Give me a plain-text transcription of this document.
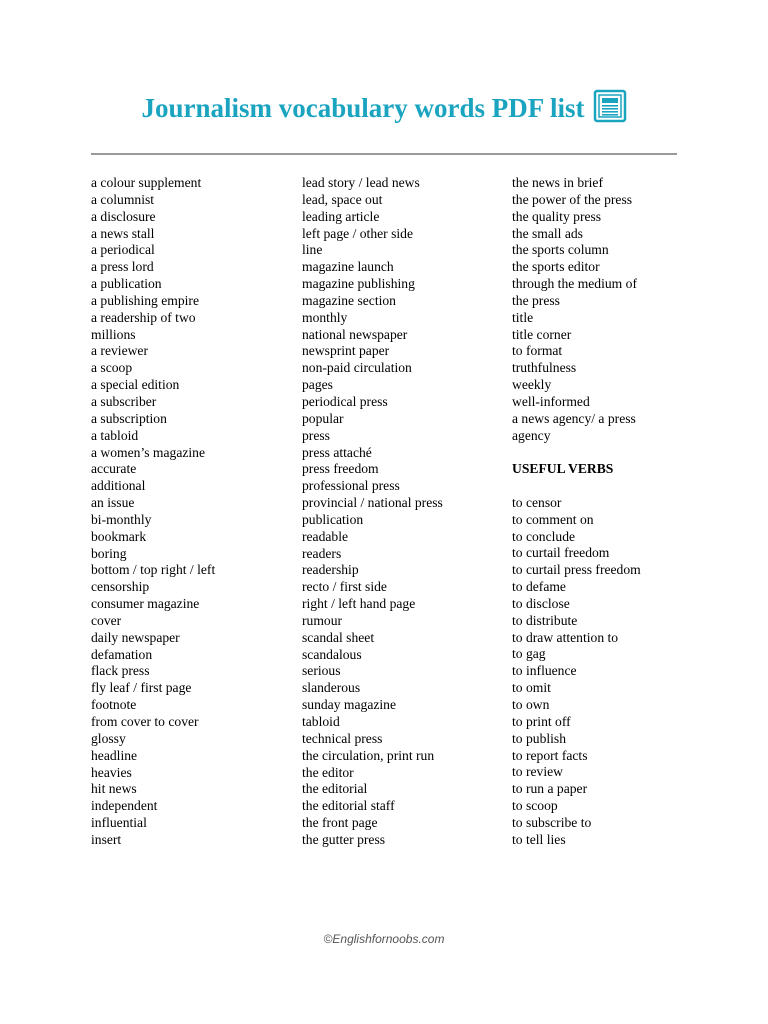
Journalism vocabulary words PDF list
a colour supplement
a columnist
a disclosure
a news stall
a periodical
a press lord
a publication
a publishing empire
a readership of two
millions
a reviewer
a scoop
a special edition
a subscriber
a subscription
a tabloid
a women’s magazine
accurate
additional
an issue
bi-monthly
bookmark
boring
bottom / top right / left
censorship
consumer magazine
cover
daily newspaper
defamation
flack press
fly leaf / first page
footnote
from cover to cover
glossy
headline
heavies
hit news
independent
influential
insert
lead story / lead news
lead, space out
leading article
left page / other side
line
magazine launch
magazine publishing
magazine section
monthly
national newspaper
newsprint paper
non-paid circulation
pages
periodical press
popular
press
press attaché
press freedom
professional press
provincial / national press
publication
readable
readers
readership
recto / first side
right / left hand page
rumour
scandal sheet
scandalous
serious
slanderous
sunday magazine
tabloid
technical press
the circulation, print run
the editor
the editorial
the editorial staff
the front page
the gutter press
the news in brief
the power of the press
the quality press
the small ads
the sports column
the sports editor
through the medium of
the press
title
title corner
to format
truthfulness
weekly
well-informed
a news agency/ a press
agency
USEFUL VERBS
to censor
to comment on
to conclude
to curtail freedom
to curtail press freedom
to defame
to disclose
to distribute
to draw attention to
to gag
to influence
to omit
to own
to print off
to publish
to report facts
to review
to run a paper
to scoop
to subscribe to
to tell lies
©Englishfornoobs.com
